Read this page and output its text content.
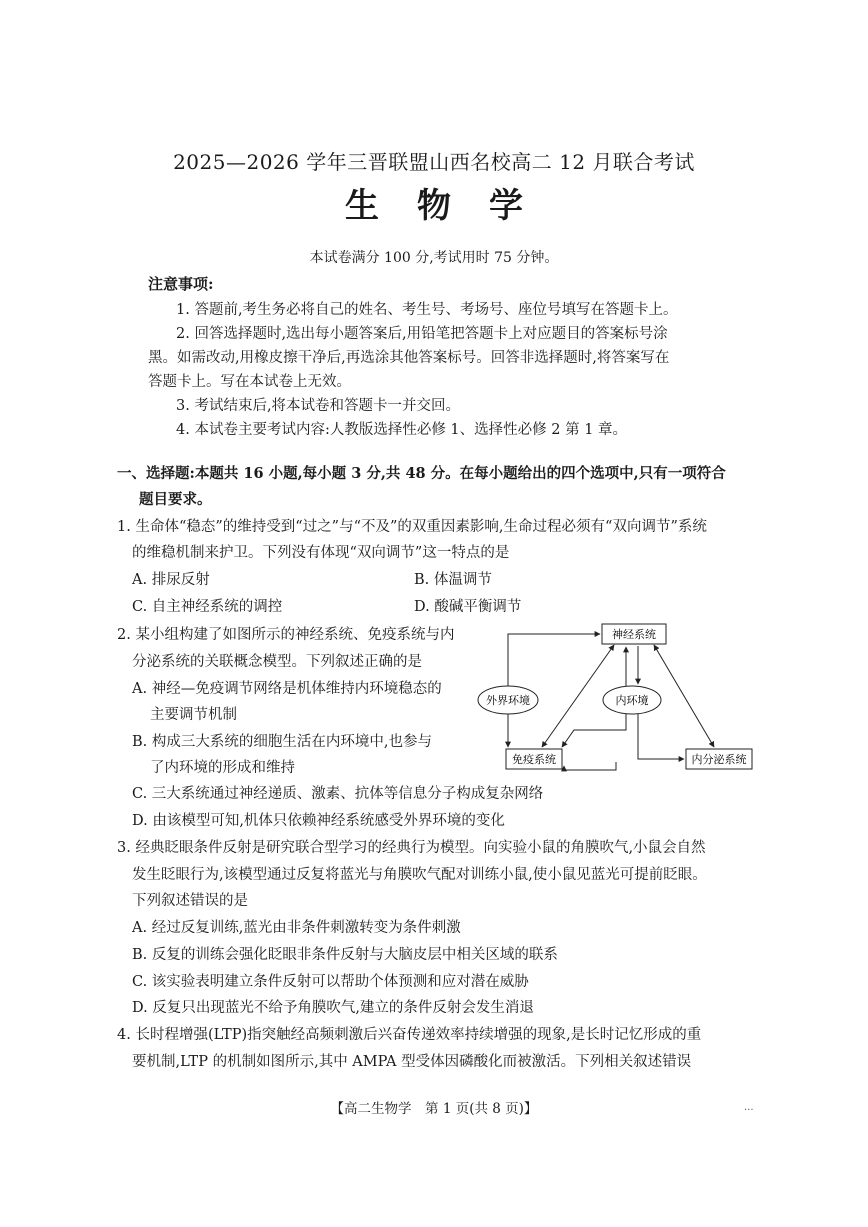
2025—2026 学年三晋联盟山西名校高二 12 月联合考试
生物学
本试卷满分 100 分,考试用时 75 分钟。
注意事项:
1. 答题前,考生务必将自己的姓名、考生号、考场号、座位号填写在答题卡上。
2. 回答选择题时,选出每小题答案后,用铅笔把答题卡上对应题目的答案标号涂
黑。如需改动,用橡皮擦干净后,再选涂其他答案标号。回答非选择题时,将答案写在
答题卡上。写在本试卷上无效。
3. 考试结束后,将本试卷和答题卡一并交回。
4. 本试卷主要考试内容:人教版选择性必修 1、选择性必修 2 第 1 章。
一、选择题:本题共 16 小题,每小题 3 分,共 48 分。在每小题给出的四个选项中,只有一项符合
题目要求。
1. 生命体“稳态”的维持受到“过之”与“不及”的双重因素影响,生命过程必须有“双向调节”系统
的维稳机制来护卫。下列没有体现“双向调节”这一特点的是
A. 排尿反射	B. 体温调节
C. 自主神经系统的调控	D. 酸碱平衡调节
2. 某小组构建了如图所示的神经系统、免疫系统与内
分泌系统的关联概念模型。下列叙述正确的是
A. 神经—免疫调节网络是机体维持内环境稳态的
主要调节机制
B. 构成三大系统的细胞生活在内环境中,也参与
了内环境的形成和维持
C. 三大系统通过神经递质、激素、抗体等信息分子构成复杂网络
D. 由该模型可知,机体只依赖神经系统感受外界环境的变化
神经系统
外界环境	内环境
免疫系统	内分泌系统
3. 经典眨眼条件反射是研究联合型学习的经典行为模型。向实验小鼠的角膜吹气,小鼠会自然
发生眨眼行为,该模型通过反复将蓝光与角膜吹气配对训练小鼠,使小鼠见蓝光可提前眨眼。
下列叙述错误的是
A. 经过反复训练,蓝光由非条件刺激转变为条件刺激
B. 反复的训练会强化眨眼非条件反射与大脑皮层中相关区域的联系
C. 该实验表明建立条件反射可以帮助个体预测和应对潜在威胁
D. 反复只出现蓝光不给予角膜吹气,建立的条件反射会发生消退
4. 长时程增强(LTP)指突触经高频刺激后兴奋传递效率持续增强的现象,是长时记忆形成的重
要机制,LTP 的机制如图所示,其中 AMPA 型受体因磷酸化而被激活。下列相关叙述错误
【高二生物学　第 1 页(共 8 页)】	...
